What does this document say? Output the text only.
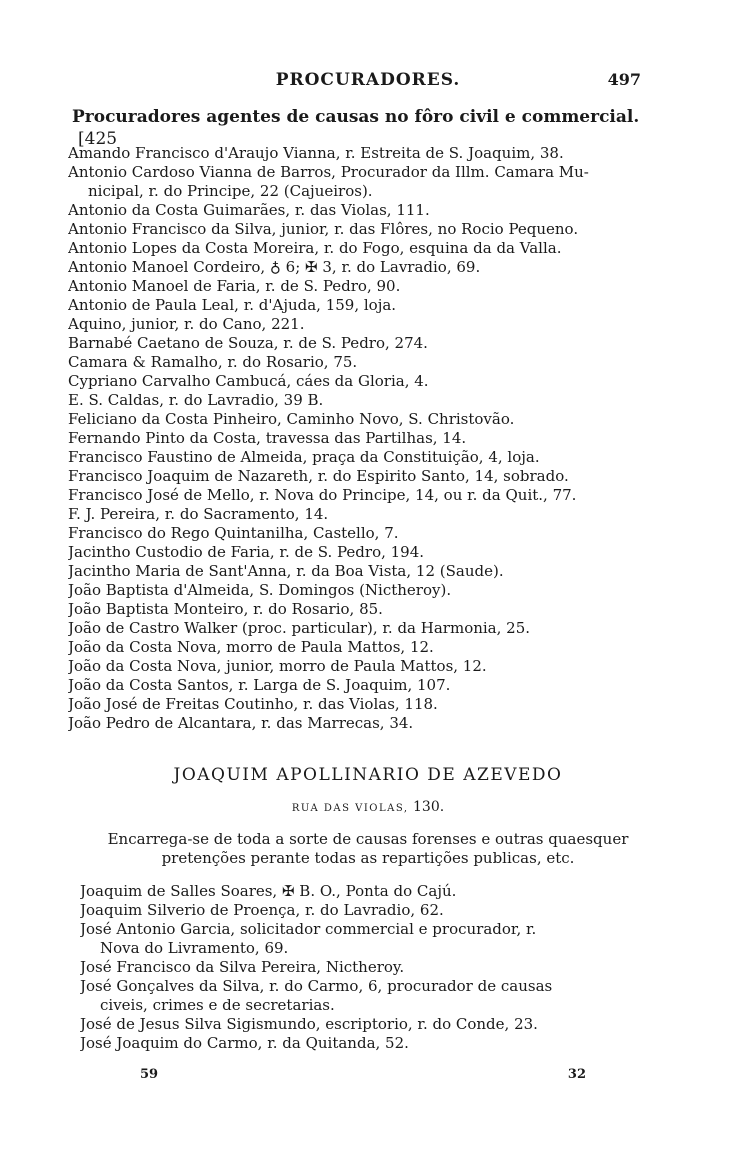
PROCURADORES.	497
Procuradores agentes de causas no fôro civil e commercial.[425
Amando Francisco d'Araujo Vianna, r. Estreita de S. Joaquim, 38.
Antonio Cardoso Vianna de Barros, Procurador da Illm. Camara Mu-
nicipal, r. do Principe, 22 (Cajueiros).
Antonio da Costa Guimarães, r. das Violas, 111.
Antonio Francisco da Silva, junior, r. das Flôres, no Rocio Pequeno.
Antonio Lopes da Costa Moreira, r. do Fogo, esquina da da Valla.
Antonio Manoel Cordeiro, ♁ 6; ✠ 3, r. do Lavradio, 69.
Antonio Manoel de Faria, r. de S. Pedro, 90.
Antonio de Paula Leal, r. d'Ajuda, 159, loja.
Aquino, junior, r. do Cano, 221.
Barnabé Caetano de Souza, r. de S. Pedro, 274.
Camara & Ramalho, r. do Rosario, 75.
Cypriano Carvalho Cambucá, cáes da Gloria, 4.
E. S. Caldas, r. do Lavradio, 39 B.
Feliciano da Costa Pinheiro, Caminho Novo, S. Christovão.
Fernando Pinto da Costa, travessa das Partilhas, 14.
Francisco Faustino de Almeida, praça da Constituição, 4, loja.
Francisco Joaquim de Nazareth, r. do Espirito Santo, 14, sobrado.
Francisco José de Mello, r. Nova do Principe, 14, ou r. da Quit., 77.
F. J. Pereira, r. do Sacramento, 14.
Francisco do Rego Quintanilha, Castello, 7.
Jacintho Custodio de Faria, r. de S. Pedro, 194.
Jacintho Maria de Sant'Anna, r. da Boa Vista, 12 (Saude).
João Baptista d'Almeida, S. Domingos (Nictheroy).
João Baptista Monteiro, r. do Rosario, 85.
João de Castro Walker (proc. particular), r. da Harmonia, 25.
João da Costa Nova, morro de Paula Mattos, 12.
João da Costa Nova, junior, morro de Paula Mattos, 12.
João da Costa Santos, r. Larga de S. Joaquim, 107.
João José de Freitas Coutinho, r. das Violas, 118.
João Pedro de Alcantara, r. das Marrecas, 34.
JOAQUIM APOLLINARIO DE AZEVEDO
RUA DAS VIOLAS, 130.
Encarrega-se de toda a sorte de causas forenses e outras quaesquer
pretenções perante todas as repartições publicas, etc.
Joaquim de Salles Soares, ✠ B. O., Ponta do Cajú.
Joaquim Silverio de Proença, r. do Lavradio, 62.
José Antonio Garcia, solicitador commercial e procurador, r.
Nova do Livramento, 69.
José Francisco da Silva Pereira, Nictheroy.
José Gonçalves da Silva, r. do Carmo, 6, procurador de causas
civeis, crimes e de secretarias.
José de Jesus Silva Sigismundo, escriptorio, r. do Conde, 23.
José Joaquim do Carmo, r. da Quitanda, 52.
59	32
